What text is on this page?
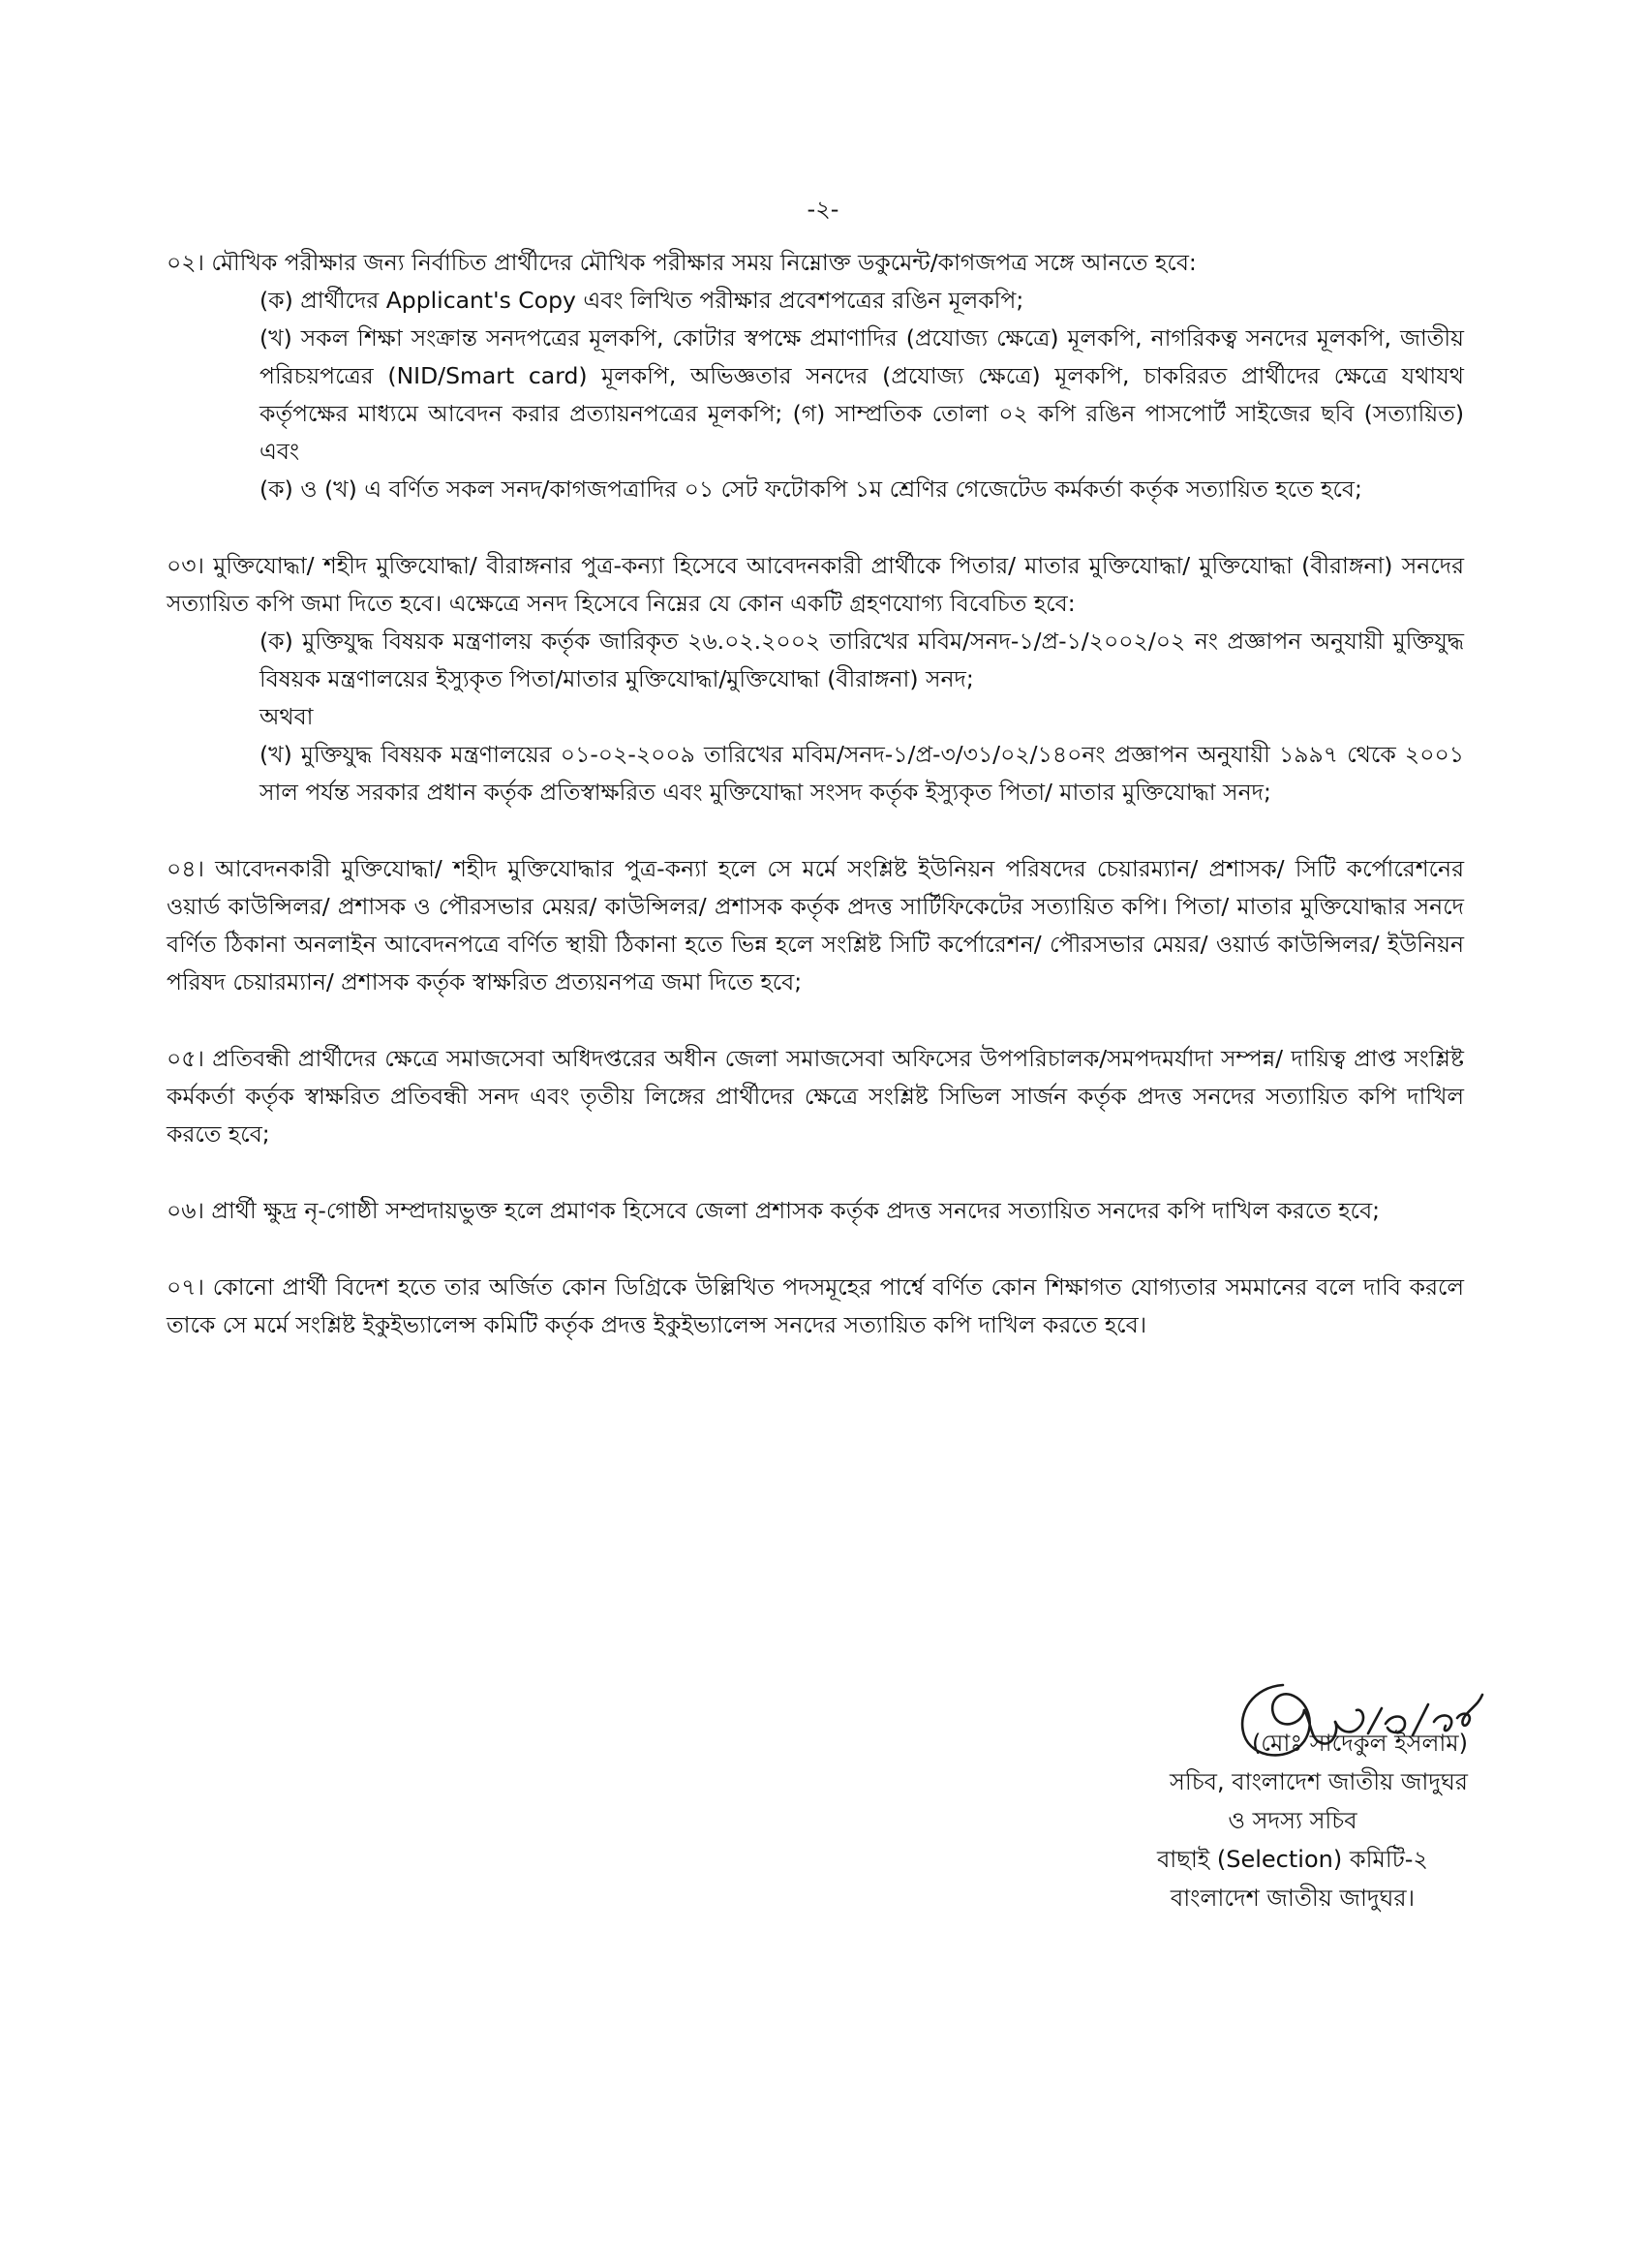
-২-

০২। মৌখিক পরীক্ষার জন্য নির্বাচিত প্রার্থীদের মৌখিক পরীক্ষার সময় নিম্নোক্ত ডকুমেন্ট/কাগজপত্র সঙ্গে আনতে হবে:

(ক) প্রার্থীদের Applicant's Copy এবং লিখিত পরীক্ষার প্রবেশপত্রের রঙিন মূলকপি;

(খ) সকল শিক্ষা সংক্রান্ত সনদপত্রের মূলকপি, কোটার স্বপক্ষে প্রমাণাদির (প্রযোজ্য ক্ষেত্রে) মূলকপি, নাগরিকত্ব সনদের মূলকপি, জাতীয় পরিচয়পত্রের (NID/Smart card) মূলকপি, অভিজ্ঞতার সনদের (প্রযোজ্য ক্ষেত্রে) মূলকপি, চাকরিরত প্রার্থীদের ক্ষেত্রে যথাযথ কর্তৃপক্ষের মাধ্যমে আবেদন করার প্রত্যায়নপত্রের মূলকপি; (গ) সাম্প্রতিক তোলা ০২ কপি রঙিন পাসপোর্ট সাইজের ছবি (সত্যায়িত) এবং

(ক) ও (খ) এ বর্ণিত সকল সনদ/কাগজপত্রাদির ০১ সেট ফটোকপি ১ম শ্রেণির গেজেটেড কর্মকর্তা কর্তৃক সত্যায়িত হতে হবে;

০৩। মুক্তিযোদ্ধা/ শহীদ মুক্তিযোদ্ধা/ বীরাঙ্গনার পুত্র-কন্যা হিসেবে আবেদনকারী প্রার্থীকে পিতার/ মাতার মুক্তিযোদ্ধা/ মুক্তিযোদ্ধা (বীরাঙ্গনা) সনদের সত্যায়িত কপি জমা দিতে হবে। এক্ষেত্রে সনদ হিসেবে নিম্নের যে কোন একটি গ্রহণযোগ্য বিবেচিত হবে:

(ক) মুক্তিযুদ্ধ বিষয়ক মন্ত্রণালয় কর্তৃক জারিকৃত ২৬.০২.২০০২ তারিখের মবিম/সনদ-১/প্র-১/২০০২/০২ নং প্রজ্ঞাপন অনুযায়ী মুক্তিযুদ্ধ বিষয়ক মন্ত্রণালয়ের ইস্যুকৃত পিতা/মাতার মুক্তিযোদ্ধা/মুক্তিযোদ্ধা (বীরাঙ্গনা) সনদ;

অথবা

(খ) মুক্তিযুদ্ধ বিষয়ক মন্ত্রণালয়ের ০১-০২-২০০৯ তারিখের মবিম/সনদ-১/প্র-৩/৩১/০২/১৪০নং প্রজ্ঞাপন অনুযায়ী ১৯৯৭ থেকে ২০০১ সাল পর্যন্ত সরকার প্রধান কর্তৃক প্রতিস্বাক্ষরিত এবং মুক্তিযোদ্ধা সংসদ কর্তৃক ইস্যুকৃত পিতা/ মাতার মুক্তিযোদ্ধা সনদ;

০৪। আবেদনকারী মুক্তিযোদ্ধা/ শহীদ মুক্তিযোদ্ধার পুত্র-কন্যা হলে সে মর্মে সংশ্লিষ্ট ইউনিয়ন পরিষদের চেয়ারম্যান/ প্রশাসক/ সিটি কর্পোরেশনের ওয়ার্ড কাউন্সিলর/ প্রশাসক ও পৌরসভার মেয়র/ কাউন্সিলর/ প্রশাসক কর্তৃক প্রদত্ত সার্টিফিকেটের সত্যায়িত কপি। পিতা/ মাতার মুক্তিযোদ্ধার সনদে বর্ণিত ঠিকানা অনলাইন আবেদনপত্রে বর্ণিত স্থায়ী ঠিকানা হতে ভিন্ন হলে সংশ্লিষ্ট সিটি কর্পোরেশন/ পৌরসভার মেয়র/ ওয়ার্ড কাউন্সিলর/ ইউনিয়ন পরিষদ চেয়ারম্যান/ প্রশাসক কর্তৃক স্বাক্ষরিত প্রত্যয়নপত্র জমা দিতে হবে;

০৫। প্রতিবন্ধী প্রার্থীদের ক্ষেত্রে সমাজসেবা অধিদপ্তরের অধীন জেলা সমাজসেবা অফিসের উপপরিচালক/সমপদমর্যাদা সম্পন্ন/ দায়িত্ব প্রাপ্ত সংশ্লিষ্ট কর্মকর্তা কর্তৃক স্বাক্ষরিত প্রতিবন্ধী সনদ এবং তৃতীয় লিঙ্গের প্রার্থীদের ক্ষেত্রে সংশ্লিষ্ট সিভিল সার্জন কর্তৃক প্রদত্ত সনদের সত্যায়িত কপি দাখিল করতে হবে;

০৬। প্রার্থী ক্ষুদ্র নৃ-গোষ্ঠী সম্প্রদায়ভুক্ত হলে প্রমাণক হিসেবে জেলা প্রশাসক কর্তৃক প্রদত্ত সনদের সত্যায়িত সনদের কপি দাখিল করতে হবে;

০৭। কোনো প্রার্থী বিদেশ হতে তার অর্জিত কোন ডিগ্রিকে উল্লিখিত পদসমূহের পার্শ্বে বর্ণিত কোন শিক্ষাগত যোগ্যতার সমমানের বলে দাবি করলে তাকে সে মর্মে সংশ্লিষ্ট ইকুইভ্যালেন্স কমিটি কর্তৃক প্রদত্ত ইকুইভ্যালেন্স সনদের সত্যায়িত কপি দাখিল করতে হবে।

(মোঃ সাদেকুল ইসলাম)
সচিব, বাংলাদেশ জাতীয় জাদুঘর
ও সদস্য সচিব
বাছাই (Selection) কমিটি-২
বাংলাদেশ জাতীয় জাদুঘর।
